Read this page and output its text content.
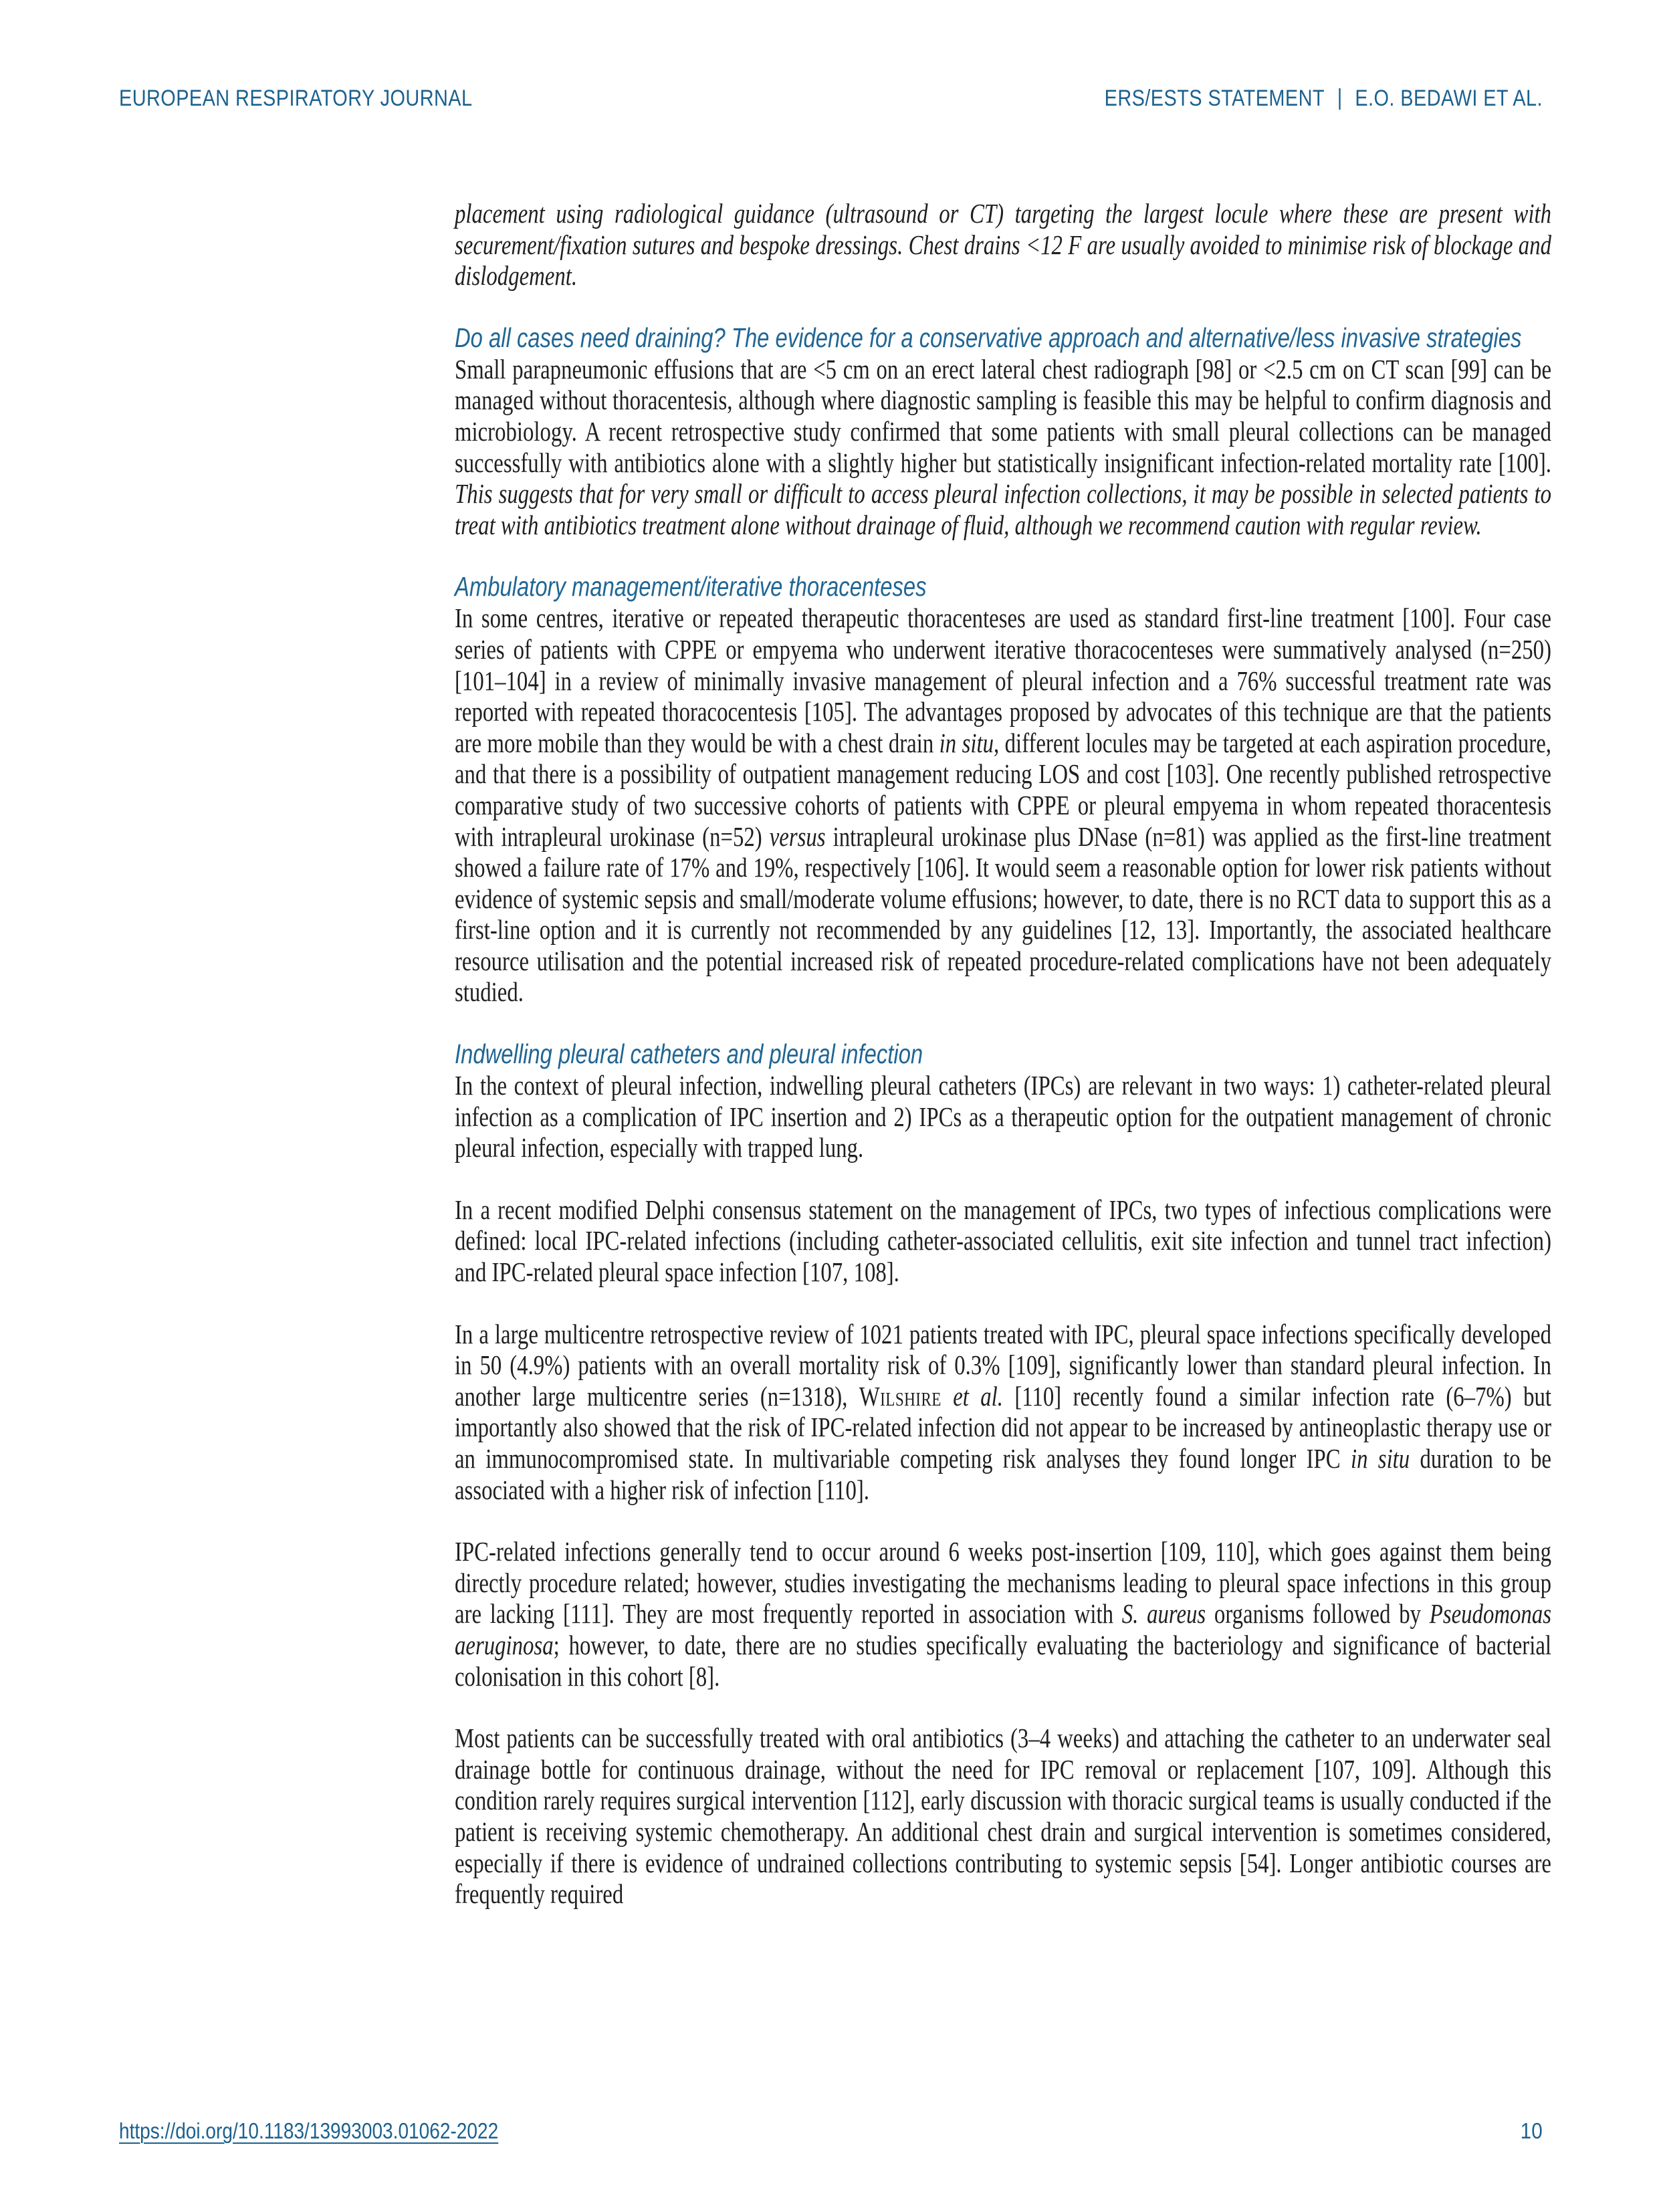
EUROPEAN RESPIRATORY JOURNAL	ERS/ESTS STATEMENT | E.O. BEDAWI ET AL.

placement using radiological guidance (ultrasound or CT) targeting the largest locule where these are present with securement/fixation sutures and bespoke dressings. Chest drains <12 F are usually avoided to minimise risk of blockage and dislodgement.

Do all cases need draining? The evidence for a conservative approach and alternative/less invasive strategies

Small parapneumonic effusions that are <5 cm on an erect lateral chest radiograph [98] or <2.5 cm on CT scan [99] can be managed without thoracentesis, although where diagnostic sampling is feasible this may be helpful to confirm diagnosis and microbiology. A recent retrospective study confirmed that some patients with small pleural collections can be managed successfully with antibiotics alone with a slightly higher but statistically insignificant infection-related mortality rate [100]. This suggests that for very small or difficult to access pleural infection collections, it may be possible in selected patients to treat with antibiotics treatment alone without drainage of fluid, although we recommend caution with regular review.

Ambulatory management/iterative thoracenteses

In some centres, iterative or repeated therapeutic thoracenteses are used as standard first-line treatment [100]. Four case series of patients with CPPE or empyema who underwent iterative thoracocenteses were summatively analysed (n=250) [101–104] in a review of minimally invasive management of pleural infection and a 76% successful treatment rate was reported with repeated thoracocentesis [105]. The advantages proposed by advocates of this technique are that the patients are more mobile than they would be with a chest drain in situ, different locules may be targeted at each aspiration procedure, and that there is a possibility of outpatient management reducing LOS and cost [103]. One recently published retrospective comparative study of two successive cohorts of patients with CPPE or pleural empyema in whom repeated thoracentesis with intrapleural urokinase (n=52) versus intrapleural urokinase plus DNase (n=81) was applied as the first-line treatment showed a failure rate of 17% and 19%, respectively [106]. It would seem a reasonable option for lower risk patients without evidence of systemic sepsis and small/moderate volume effusions; however, to date, there is no RCT data to support this as a first-line option and it is currently not recommended by any guidelines [12, 13]. Importantly, the associated healthcare resource utilisation and the potential increased risk of repeated procedure-related complications have not been adequately studied.

Indwelling pleural catheters and pleural infection

In the context of pleural infection, indwelling pleural catheters (IPCs) are relevant in two ways: 1) catheter-related pleural infection as a complication of IPC insertion and 2) IPCs as a therapeutic option for the outpatient management of chronic pleural infection, especially with trapped lung.

In a recent modified Delphi consensus statement on the management of IPCs, two types of infectious complications were defined: local IPC-related infections (including catheter-associated cellulitis, exit site infection and tunnel tract infection) and IPC-related pleural space infection [107, 108].

In a large multicentre retrospective review of 1021 patients treated with IPC, pleural space infections specifically developed in 50 (4.9%) patients with an overall mortality risk of 0.3% [109], significantly lower than standard pleural infection. In another large multicentre series (n=1318), Wilshire et al. [110] recently found a similar infection rate (6–7%) but importantly also showed that the risk of IPC-related infection did not appear to be increased by antineoplastic therapy use or an immunocompromised state. In multivariable competing risk analyses they found longer IPC in situ duration to be associated with a higher risk of infection [110].

IPC-related infections generally tend to occur around 6 weeks post-insertion [109, 110], which goes against them being directly procedure related; however, studies investigating the mechanisms leading to pleural space infections in this group are lacking [111]. They are most frequently reported in association with S. aureus organisms followed by Pseudomonas aeruginosa; however, to date, there are no studies specifically evaluating the bacteriology and significance of bacterial colonisation in this cohort [8].

Most patients can be successfully treated with oral antibiotics (3–4 weeks) and attaching the catheter to an underwater seal drainage bottle for continuous drainage, without the need for IPC removal or replacement [107, 109]. Although this condition rarely requires surgical intervention [112], early discussion with thoracic surgical teams is usually conducted if the patient is receiving systemic chemotherapy. An additional chest drain and surgical intervention is sometimes considered, especially if there is evidence of undrained collections contributing to systemic sepsis [54]. Longer antibiotic courses are frequently required

https://doi.org/10.1183/13993003.01062-2022	10
